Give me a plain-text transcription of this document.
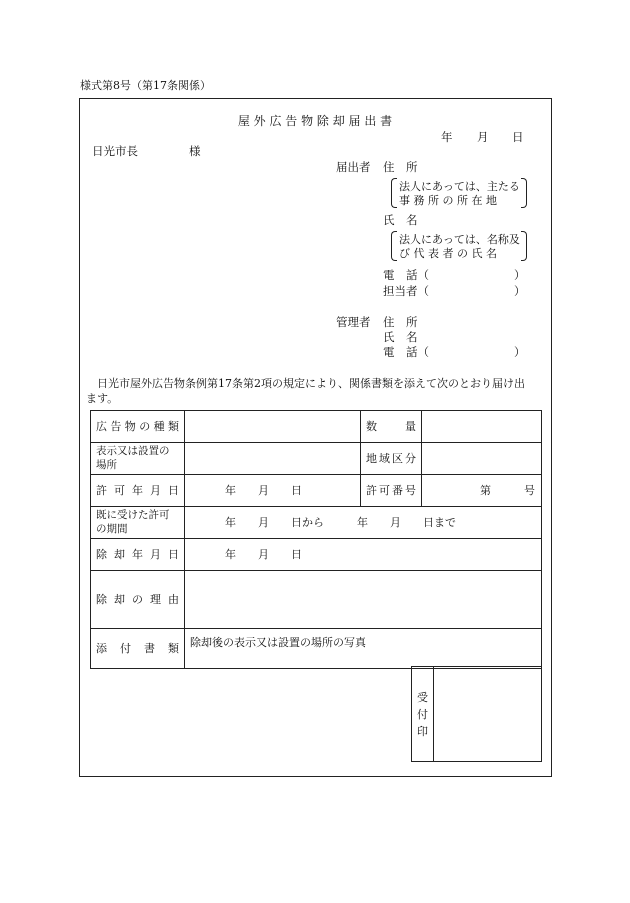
様式第8号（第17条関係）
屋 外 広 告 物 除 却 届 出 書
年 月 日
日光市長	様
届出者 住　所
法人にあっては、主たる
事 務 所 の 所 在 地
氏　名
法人にあっては、名称及
び 代 表 者 の 氏 名
電　話（	）
担当者（	）
管理者 住　所
氏　名
電　話（	）
日光市屋外広告物条例第17条第2項の規定により、関係書類を添えて次のとおり届け出
ます。
広告物の種類		数　　量	
表示又は設置の場所		地域区分	
許可年月日	年　　月　　日	許可番号	第　　　号
既に受けた許可の期間	年　　月　　日から　　　年　　月　　日まで		
除却年月日	年　　月　　日		
除却の理由			
添付書類	除却後の表示又は設置の場所の写真		
受
付
印
